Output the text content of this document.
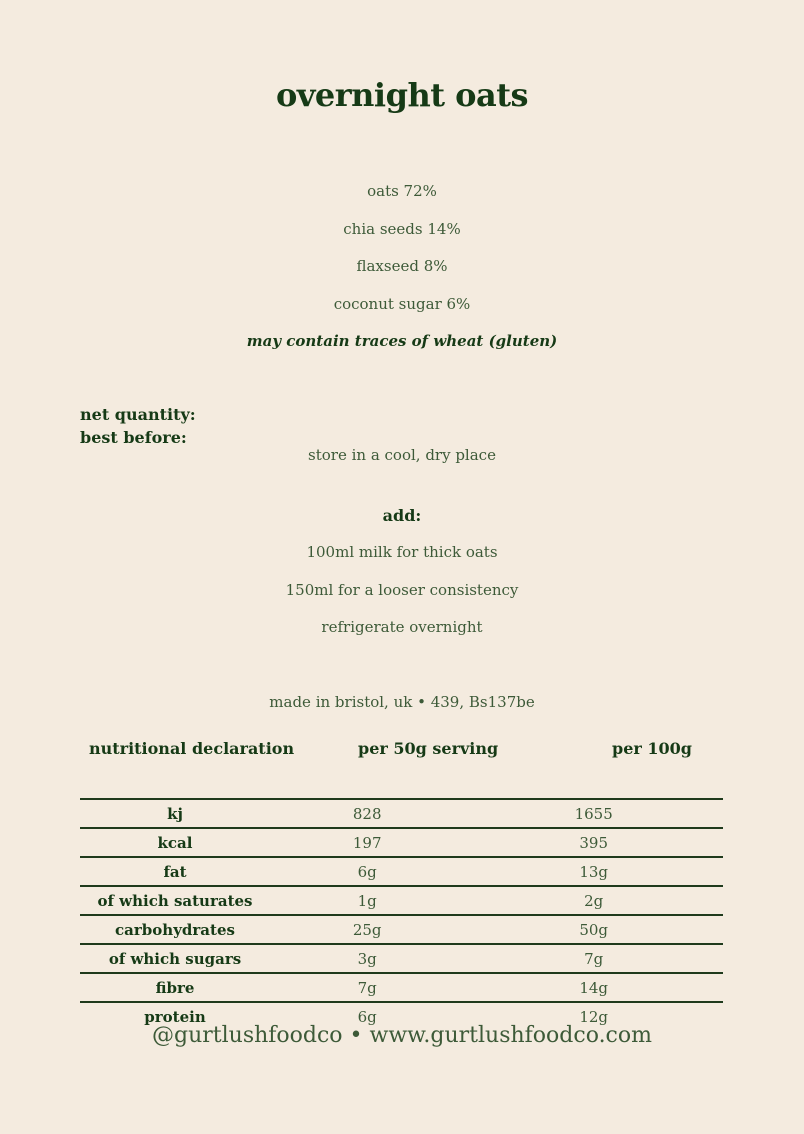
overnight oats
oats 72%
chia seeds 14%
flaxseed 8%
coconut sugar 6%
may contain traces of wheat (gluten)
net quantity:
best before:
store in a cool, dry place
add:
100ml milk for thick oats
150ml for a looser consistency
refrigerate overnight
made in bristol, uk • 439, Bs137be
nutritional declaration	per 50g serving	per 100g
kj	828	1655
kcal	197	395
fat	6g	13g
of which saturates	1g	2g
carbohydrates	25g	50g
of which sugars	3g	7g
fibre	7g	14g
protein	6g	12g
@gurtlushfoodco • www.gurtlushfoodco.com
